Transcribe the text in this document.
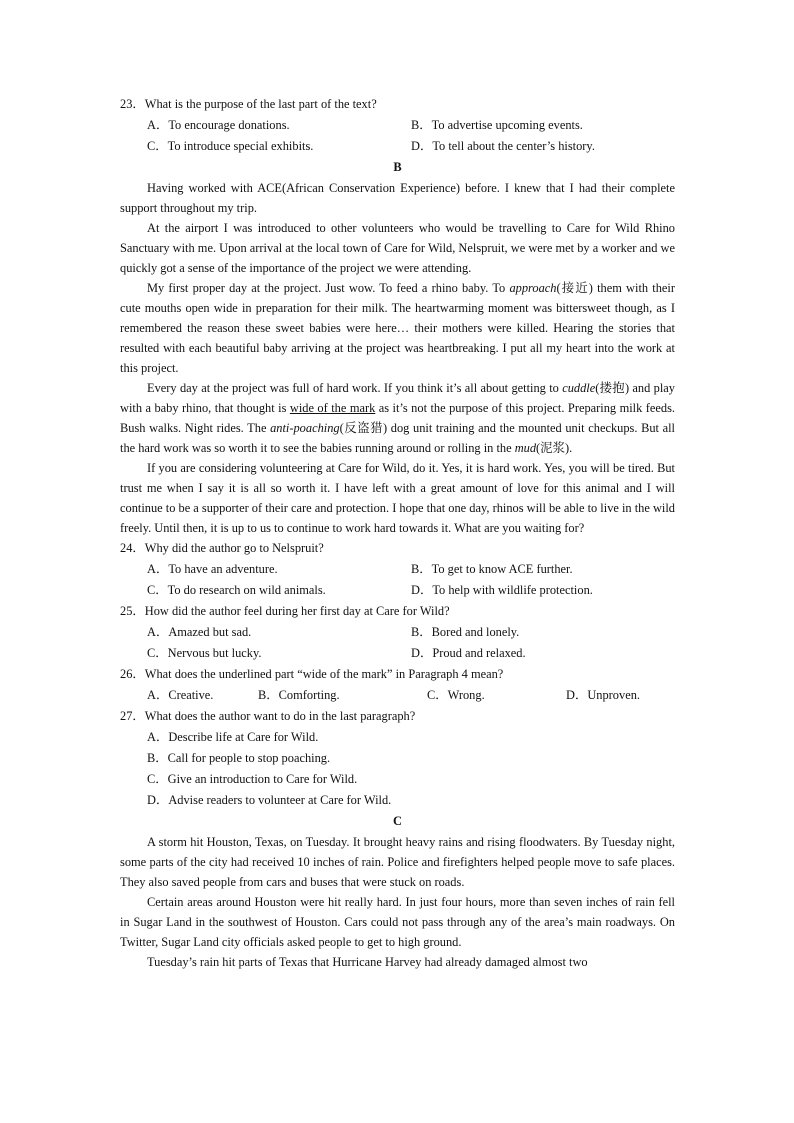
23．What is the purpose of the last part of the text?

A．To encourage donations.	B．To advertise upcoming events.
C．To introduce special exhibits.	D．To tell about the center’s history.
B

Having worked with ACE(African Conservation Experience) before. I knew that I had their complete support throughout my trip.

At the airport I was introduced to other volunteers who would be travelling to Care for Wild Rhino Sanctuary with me. Upon arrival at the local town of Care for Wild, Nelspruit, we were met by a worker and we quickly got a sense of the importance of the project we were attending.

My first proper day at the project. Just wow. To feed a rhino baby. To approach(接近) them with their cute mouths open wide in preparation for their milk. The heartwarming moment was bittersweet though, as I remembered the reason these sweet babies were here… their mothers were killed. Hearing the stories that resulted with each beautiful baby arriving at the project was heartbreaking. I put all my heart into the work at this project.

Every day at the project was full of hard work. If you think it’s all about getting to cuddle(搂抱) and play with a baby rhino, that thought is wide of the mark as it’s not the purpose of this project. Preparing milk feeds. Bush walks. Night rides. The anti-poaching(反盗猎) dog unit training and the mounted unit checkups. But all the hard work was so worth it to see the babies running around or rolling in the mud(泥浆).

If you are considering volunteering at Care for Wild, do it. Yes, it is hard work. Yes, you will be tired. But trust me when I say it is all so worth it. I have left with a great amount of love for this animal and I will continue to be a supporter of their care and protection. I hope that one day, rhinos will be able to live in the wild freely. Until then, it is up to us to continue to work hard towards it. What are you waiting for?

24．Why did the author go to Nelspruit?

A．To have an adventure.	B．To get to know ACE further.
C．To do research on wild animals.	D．To help with wildlife protection.

25．How did the author feel during her first day at Care for Wild?

A．Amazed but sad.	B．Bored and lonely.
C．Nervous but lucky.	D．Proud and relaxed.

26．What does the underlined part “wide of the mark” in Paragraph 4 mean?

A．Creative.	B．Comforting.	C．Wrong.	D．Unproven.

27．What does the author want to do in the last paragraph?

A．Describe life at Care for Wild.
B．Call for people to stop poaching.
C．Give an introduction to Care for Wild.
D．Advise readers to volunteer at Care for Wild.
C

A storm hit Houston, Texas, on Tuesday. It brought heavy rains and rising floodwaters. By Tuesday night, some parts of the city had received 10 inches of rain. Police and firefighters helped people move to safe places. They also saved people from cars and buses that were stuck on roads.

Certain areas around Houston were hit really hard. In just four hours, more than seven inches of rain fell in Sugar Land in the southwest of Houston. Cars could not pass through any of the area’s main roadways. On Twitter, Sugar Land city officials asked people to get to high ground.

Tuesday’s rain hit parts of Texas that Hurricane Harvey had already damaged almost two
